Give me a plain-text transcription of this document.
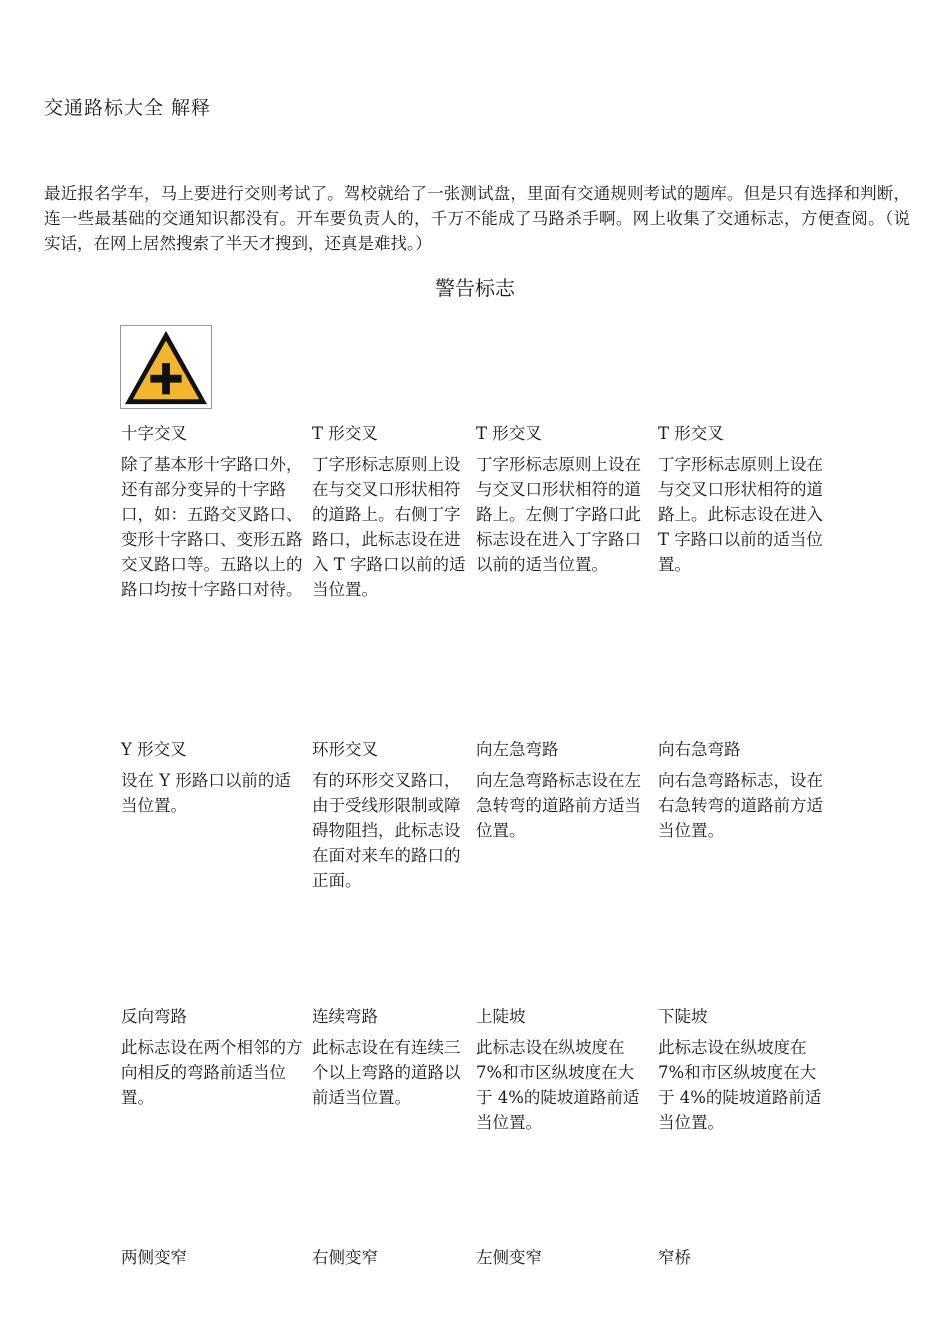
交通路标大全 解释
最近报名学车，马上要进行交则考试了。驾校就给了一张测试盘，里面有交通规则考试的题库。但是只有选择和判断，连一些最基础的交通知识都没有。开车要负责人的，千万不能成了马路杀手啊。网上收集了交通标志，方便查阅。（说实话，在网上居然搜索了半天才搜到，还真是难找。）
警告标志
十字交叉
除了基本形十字路口外，还有部分变异的十字路口，如：五路交叉路口、变形十字路口、变形五路交叉路口等。五路以上的路口均按十字路口对待。
T 形交叉
丁字形标志原则上设在与交叉口形状相符的道路上。右侧丁字路口，此标志设在进入 T 字路口以前的适当位置。
T 形交叉
丁字形标志原则上设在与交叉口形状相符的道路上。左侧丁字路口此标志设在进入丁字路口以前的适当位置。
T 形交叉
丁字形标志原则上设在与交叉口形状相符的道路上。此标志设在进入 T 字路口以前的适当位置。
Y 形交叉
设在 Y 形路口以前的适当位置。
环形交叉
有的环形交叉路口，由于受线形限制或障碍物阻挡，此标志设在面对来车的路口的正面。
向左急弯路
向左急弯路标志设在左急转弯的道路前方适当位置。
向右急弯路
向右急弯路标志，设在右急转弯的道路前方适当位置。
反向弯路
此标志设在两个相邻的方向相反的弯路前适当位置。
连续弯路
此标志设在有连续三个以上弯路的道路以前适当位置。
上陡坡
此标志设在纵坡度在 7%和市区纵坡度在大于 4%的陡坡道路前适当位置。
下陡坡
此标志设在纵坡度在 7%和市区纵坡度在大于 4%的陡坡道路前适当位置。
两侧变窄	右侧变窄	左侧变窄	窄桥
